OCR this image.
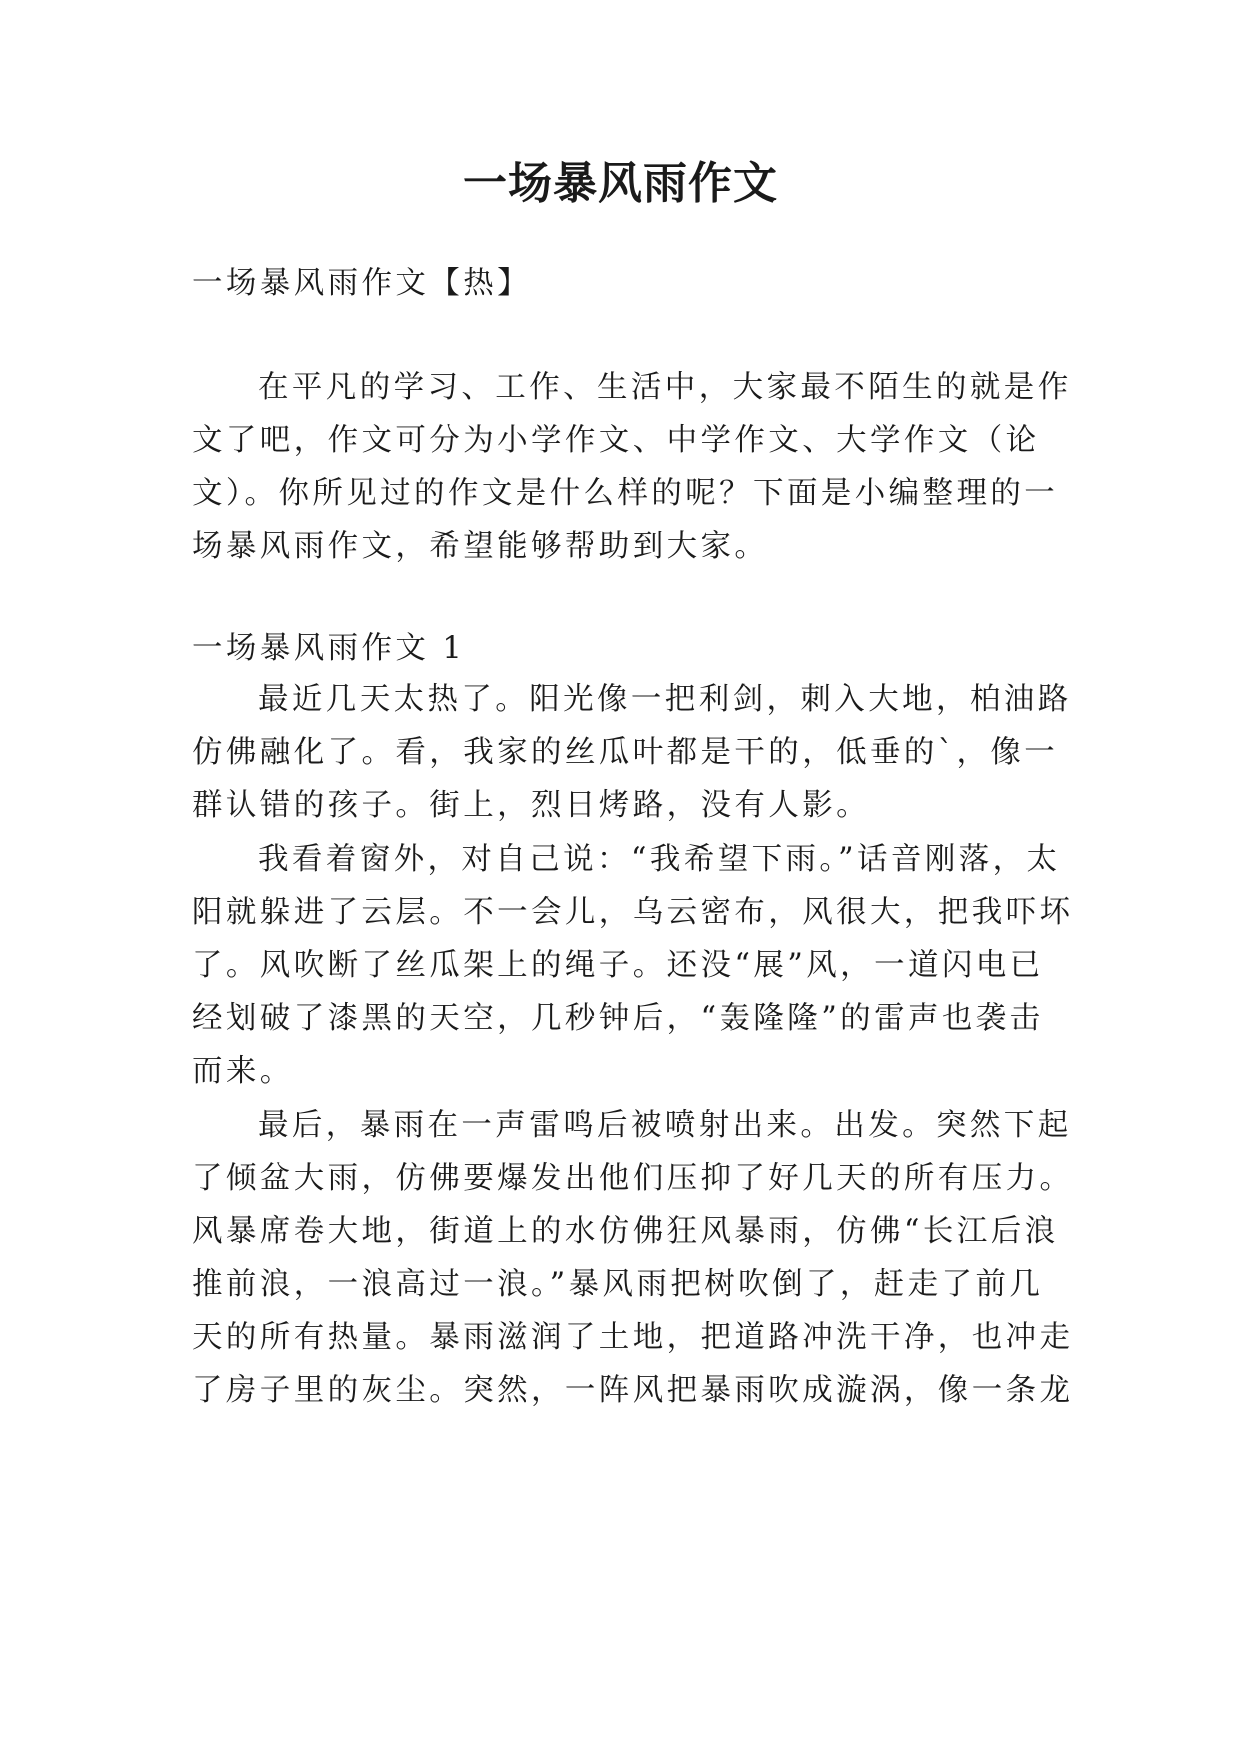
一场暴风雨作文

一场暴风雨作文【热】

在平凡的学习、工作、生活中，大家最不陌生的就是作

文了吧，作文可分为小学作文、中学作文、大学作文（论

文）。你所见过的作文是什么样的呢？下面是小编整理的一

场暴风雨作文，希望能够帮助到大家。

一场暴风雨作文 1

最近几天太热了。阳光像一把利剑，刺入大地，柏油路

仿佛融化了。看，我家的丝瓜叶都是干的，低垂的`，像一

群认错的孩子。街上，烈日烤路，没有人影。

我看着窗外，对自己说：“我希望下雨。”话音刚落，太

阳就躲进了云层。不一会儿，乌云密布，风很大，把我吓坏

了。风吹断了丝瓜架上的绳子。还没“展”风，一道闪电已

经划破了漆黑的天空，几秒钟后，“轰隆隆”的雷声也袭击

而来。

最后，暴雨在一声雷鸣后被喷射出来。出发。突然下起

了倾盆大雨，仿佛要爆发出他们压抑了好几天的所有压力。

风暴席卷大地，街道上的水仿佛狂风暴雨，仿佛“长江后浪

推前浪，一浪高过一浪。”暴风雨把树吹倒了，赶走了前几

天的所有热量。暴雨滋润了土地，把道路冲洗干净，也冲走

了房子里的灰尘。突然，一阵风把暴雨吹成漩涡，像一条龙
